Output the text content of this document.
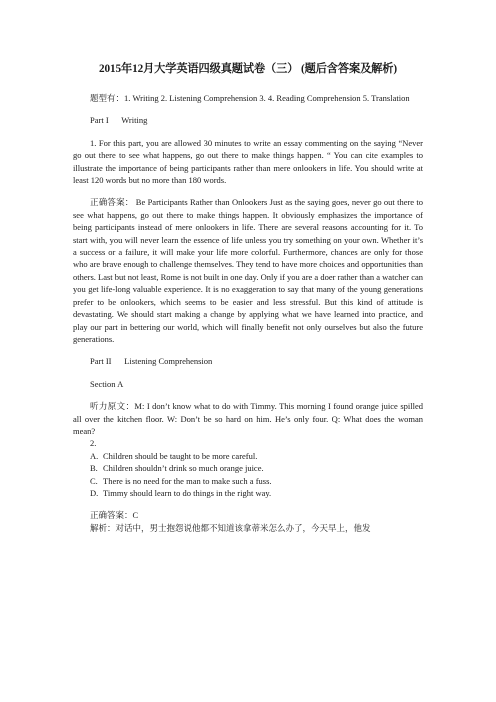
2015年12月大学英语四级真题试卷（三） (题后含答案及解析)

题型有：1. Writing 2. Listening Comprehension 3. 4. Reading Comprehension 5. Translation

Part I      Writing

1. For this part, you are allowed 30 minutes to write an essay commenting on the saying “Never go out there to see what happens, go out there to make things happen. “ You can cite examples to illustrate the importance of being participants rather than mere onlookers in life. You should write at least 120 words but no more than 180 words.

正确答案： Be Participants Rather than Onlookers Just as the saying goes, never go out there to see what happens, go out there to make things happen. It obviously emphasizes the importance of being participants instead of mere onlookers in life. There are several reasons accounting for it. To start with, you will never learn the essence of life unless you try something on your own. Whether it’s a success or a failure, it will make your life more colorful. Furthermore, chances are only for those who are brave enough to challenge themselves. They tend to have more choices and opportunities than others. Last but not least, Rome is not built in one day. Only if you are a doer rather than a watcher can you get life-long valuable experience. It is no exaggeration to say that many of the young generations prefer to be onlookers, which seems to be easier and less stressful. But this kind of attitude is devastating. We should start making a change by applying what we have learned into practice, and play our part in bettering our world, which will finally benefit not only ourselves but also the future generations.

Part II      Listening Comprehension
Section A

听力原文：M: I don’t know what to do with Timmy. This morning I found orange juice spilled all over the kitchen floor. W: Don’t be so hard on him. He’s only four. Q: What does the woman mean?

2.
A. Children should be taught to be more careful.
B. Children shouldn’t drink so much orange juice.
C. There is no need for the man to make such a fuss.
D. Timmy should learn to do things in the right way.
正确答案：C

解析：对话中，男士抱怨说他都不知道该拿蒂米怎么办了，今天早上，他发
